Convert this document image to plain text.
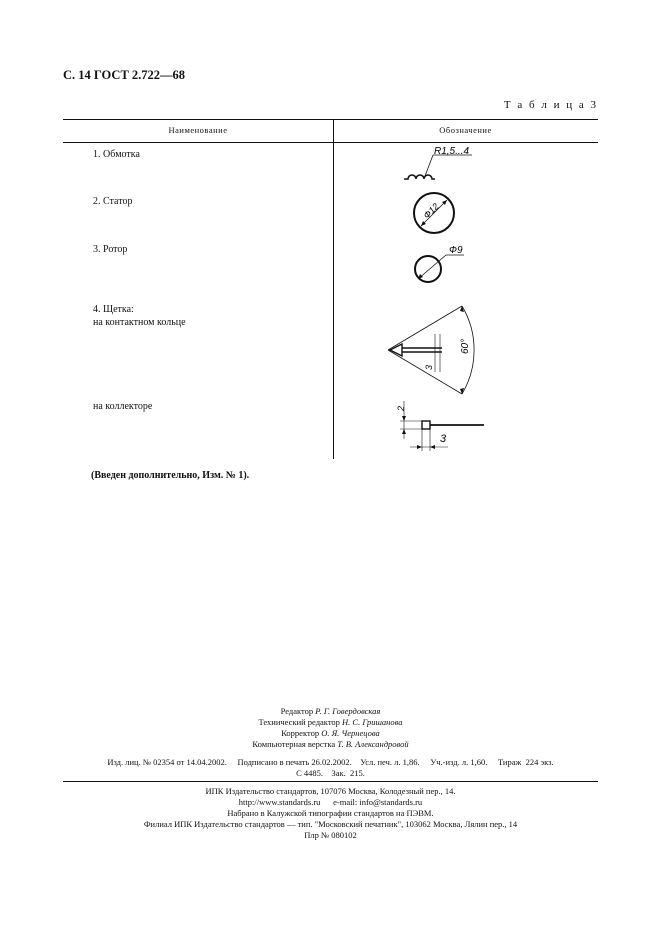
С. 14 ГОСТ 2.722—68
Т а б л и ц а 3
Наименование	Обозначение
1. Обмотка
2. Статор
3. Ротор
4. Щетка:
на контактном кольце
на коллекторе
R1,5...4
Ф12
Ф9
60°
3
2
3
(Введен дополнительно, Изм. № 1).
Редактор Р. Г. Говердовская
Технический редактор Н. С. Гришанова
Корректор О. Я. Чернецова
Компьютерная верстка Т. В. Александровой
Изд. лиц. № 02354 от 14.04.2002.     Подписано в печать 26.02.2002.    Усл. печ. л. 1,86.     Уч.-изд. л. 1,60.     Тираж  224 экз.
С 4485.    Зак.  215.
ИПК Издательство стандартов, 107076 Москва, Колодезный пер., 14.
http://www.standards.ru      e-mail: info@standards.ru
Набрано в Калужской типографии стандартов на ПЭВМ.
Филиал ИПК Издательство стандартов — тип. "Московский печатник", 103062 Москва, Лялин пер., 14
Плр № 080102
